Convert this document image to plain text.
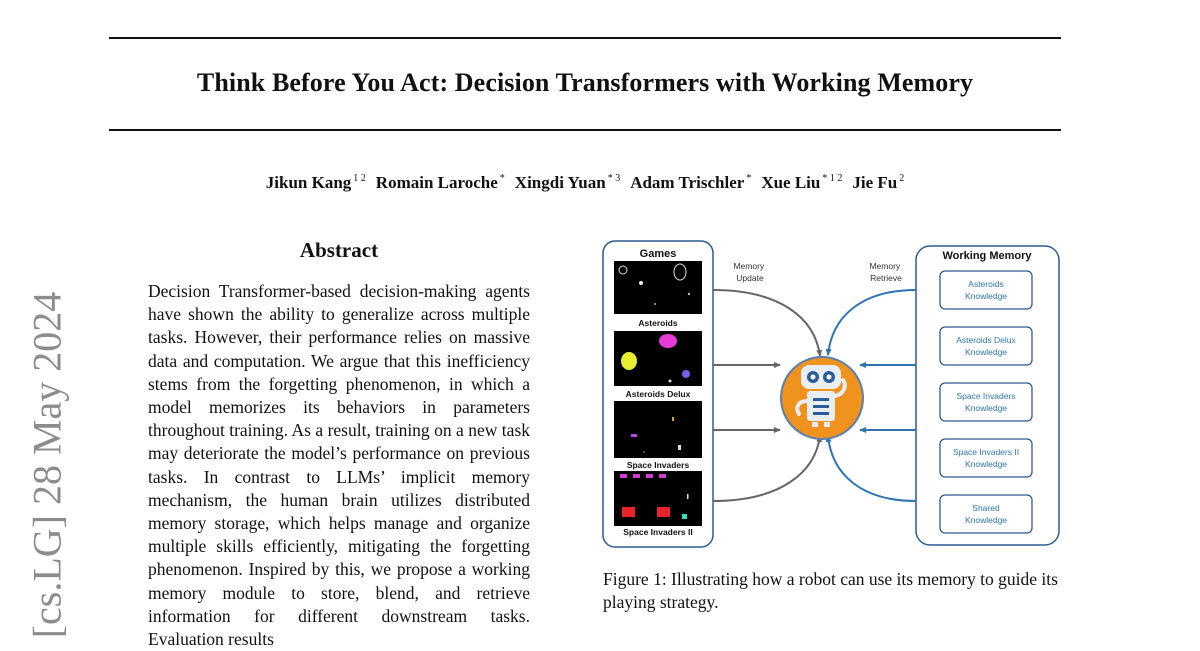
Think Before You Act: Decision Transformers with Working Memory
Jikun Kang $^{1 2}$ Romain Laroche * Xingdi Yuan $^{* 3}$ Adam Trischler * Xue Liu $^{* 1 2}$ Jie Fu $^2$
[cs.LG] 28 May 2024
Abstract
Decision Transformer-based decision-making agents have shown the ability to generalize across multiple tasks. However, their performance relies on massive data and computation. We argue that this inefficiency stems from the forgetting phenomenon, in which a model memorizes its behaviors in parameters throughout training. As a result, training on a new task may deteriorate the model’s performance on previous tasks. In contrast to LLMs’ implicit memory mechanism, the human brain utilizes distributed memory storage, which helps manage and organize multiple skills efficiently, mitigating the forgetting phenomenon. Inspired by this, we propose a working memory module to store, blend, and retrieve information for different downstream tasks. Evaluation results
Games
Asteroids
Asteroids Delux
Space Invaders
Space Invaders II
Working Memory
Asteroids
Knowledge
Asteroids Delux
Knowledge
Space Invaders
Knowledge
Space Invaders II
Knowledge
Shared
Knowledge
Memory Update
Memory Retrieve
Figure 1: Illustrating how a robot can use its memory to guide its playing strategy.
